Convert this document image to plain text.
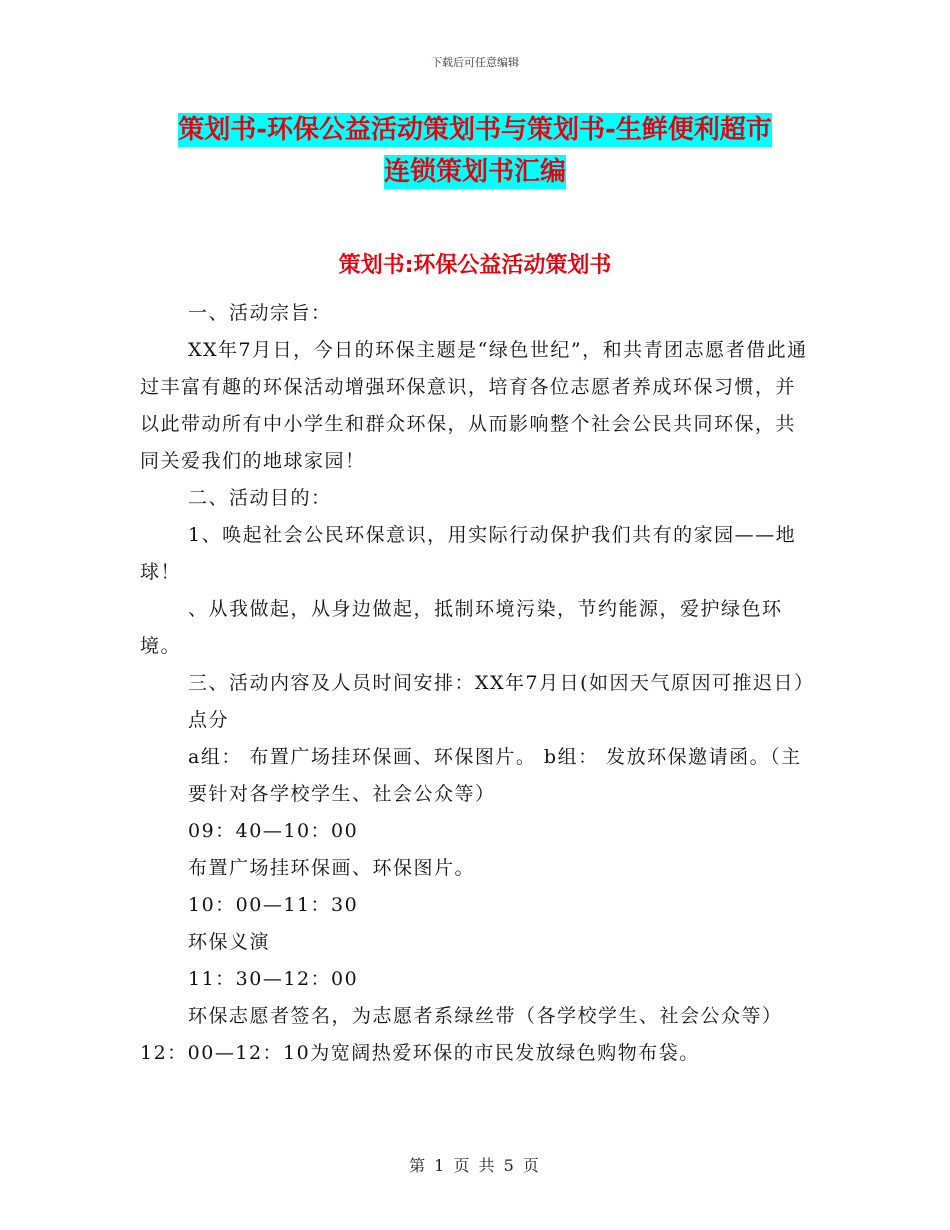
下载后可任意编辑
策划书-环保公益活动策划书与策划书-生鲜便利超市
连锁策划书汇编
策划书:环保公益活动策划书

一、活动宗旨：

XX年7月日，今日的环保主题是“绿色世纪”，和共青团志愿者借此通过丰富有趣的环保活动增强环保意识，培育各位志愿者养成环保习惯，并以此带动所有中小学生和群众环保，从而影响整个社会公民共同环保，共同关爱我们的地球家园！

二、活动目的：

1、唤起社会公民环保意识，用实际行动保护我们共有的家园——地球！

、从我做起，从身边做起，抵制环境污染，节约能源，爱护绿色环境。

三、活动内容及人员时间安排：XX年7月日(如因天气原因可推迟日）

点分

a组： 布置广场挂环保画、环保图片。 b组： 发放环保邀请函。（主要针对各学校学生、社会公众等）

09：40—10：00

布置广场挂环保画、环保图片。

10：00—11：30

环保义演

11：30—12：00

环保志愿者签名，为志愿者系绿丝带（各学校学生、社会公众等） 12：00—12：10为宽阔热爱环保的市民发放绿色购物布袋。

第 1 页 共 5 页
